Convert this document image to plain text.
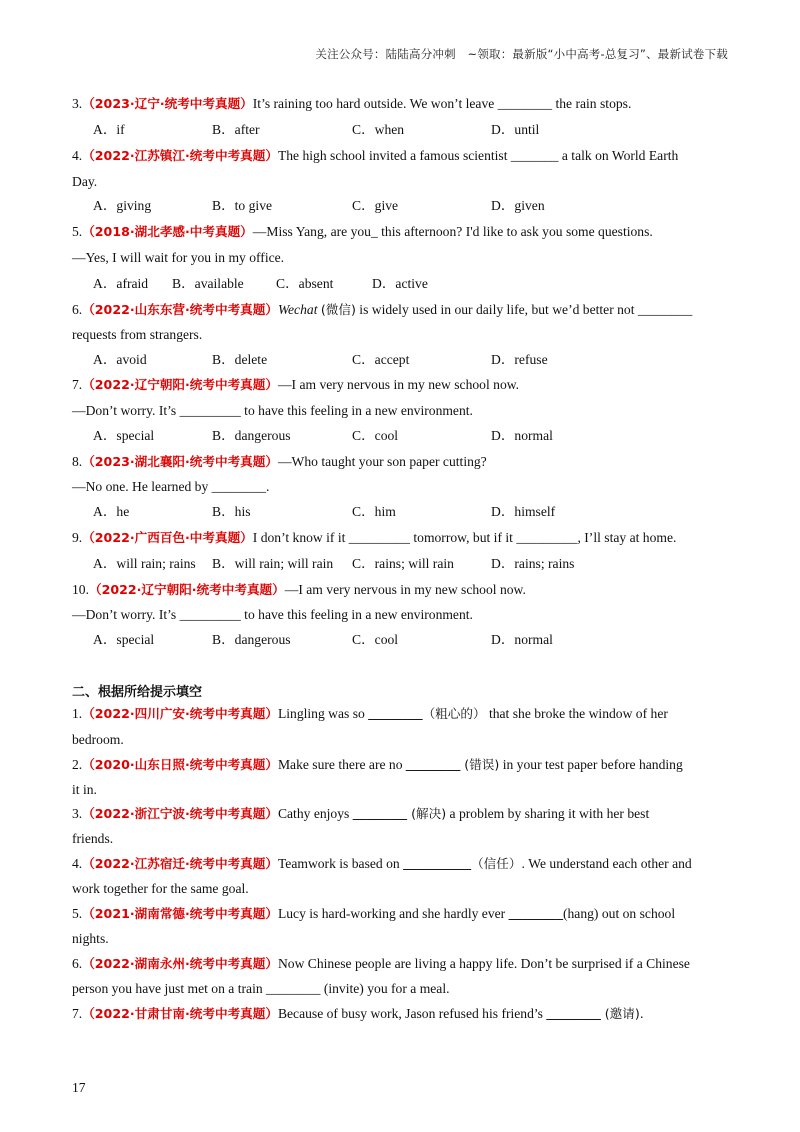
关注公众号：陆陆高分冲刺　~领取：最新版“小中高考-总复习”、最新试卷下载
3.（2023·辽宁·统考中考真题）It’s raining too hard outside. We won’t leave ________ the rain stops.
A．if	B．after	C．when	D．until
4.（2022·江苏镇江·统考中考真题）The high school invited a famous scientist _______ a talk on World Earth
Day.
A．giving	B．to give	C．give	D．given
5.（2018·湖北孝感·中考真题）—Miss Yang, are you_ this afternoon? I'd like to ask you some questions.
—Yes, I will wait for you in my office.
A．afraid B．available C．absent	D．active
6.（2022·山东东营·统考中考真题）Wechat (微信) is widely used in our daily life, but we’d better not ________
requests from strangers.
A．avoid	B．delete	C．accept	D．refuse
7.（2022·辽宁朝阳·统考中考真题）—I am very nervous in my new school now.
—Don’t worry. It’s _________ to have this feeling in a new environment.
A．special	B．dangerous	C．cool	D．normal
8.（2023·湖北襄阳·统考中考真题）—Who taught your son paper cutting?
—No one. He learned by ________.
A．he	B．his	C．him	D．himself
9.（2022·广西百色·中考真题）I don’t know if it _________ tomorrow, but if it _________, I’ll stay at home.
A．will rain; rains B．will rain; will rain C．rains; will rain	D．rains; rains
10.（2022·辽宁朝阳·统考中考真题）—I am very nervous in my new school now.
—Don’t worry. It’s _________ to have this feeling in a new environment.
A．special	B．dangerous	C．cool	D．normal
二、根据所给提示填空
1.（2022·四川广安·统考中考真题）Lingling was so ________（粗心的） that she broke the window of her
bedroom.
2.（2020·山东日照·统考中考真题）Make sure there are no ________ (错误) in your test paper before handing
it in.
3.（2022·浙江宁波·统考中考真题）Cathy enjoys ________ (解决) a problem by sharing it with her best
friends.
4.（2022·江苏宿迁·统考中考真题）Teamwork is based on __________（信任）. We understand each other and
work together for the same goal.
5.（2021·湖南常德·统考中考真题）Lucy is hard-working and she hardly ever ________(hang) out on school
nights.
6.（2022·湖南永州·统考中考真题）Now Chinese people are living a happy life. Don’t be surprised if a Chinese
person you have just met on a train ________ (invite) you for a meal.
7.（2022·甘肃甘南·统考中考真题）Because of busy work, Jason refused his friend’s ________ (邀请).
17
